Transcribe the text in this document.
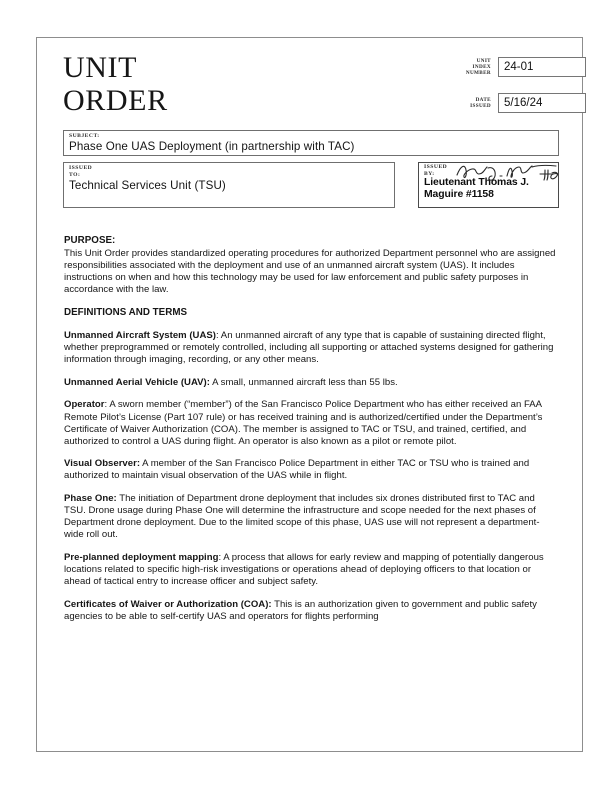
UNIT
ORDER
UNIT
INDEX
NUMBER
24-01
DATE
ISSUED	5/16/24
SUBJECT:
Phase One UAS Deployment (in partnership with TAC)
ISSUED
TO:
Technical Services Unit (TSU)
ISSUED
BY:
Lieutenant Thomas J.
Maguire #1158
PURPOSE:

This Unit Order provides standardized operating procedures for authorized Department personnel who are assigned responsibilities associated with the deployment and use of an unmanned aircraft system (UAS). It includes instructions on when and how this technology may be used for law enforcement and public safety purposes in accordance with the law.

DEFINITIONS AND TERMS

Unmanned Aircraft System (UAS): An unmanned aircraft of any type that is capable of sustaining directed flight, whether preprogrammed or remotely controlled, including all supporting or attached systems designed for gathering information through imaging, recording, or any other means.

Unmanned Aerial Vehicle (UAV): A small, unmanned aircraft less than 55 lbs.

Operator: A sworn member (“member”) of the San Francisco Police Department who has either received an FAA Remote Pilot’s License (Part 107 rule) or has received training and is authorized/certified under the Department’s Certificate of Waiver Authorization (COA). The member is assigned to TAC or TSU, and trained, certified, and authorized to control a UAS during flight. An operator is also known as a pilot or remote pilot.

Visual Observer: A member of the San Francisco Police Department in either TAC or TSU who is trained and authorized to maintain visual observation of the UAS while in flight.

Phase One: The initiation of Department drone deployment that includes six drones distributed first to TAC and TSU. Drone usage during Phase One will determine the infrastructure and scope needed for the next phases of Department drone deployment. Due to the limited scope of this phase, UAS use will not represent a department-wide roll out.

Pre-planned deployment mapping: A process that allows for early review and mapping of potentially dangerous locations related to specific high-risk investigations or operations ahead of deploying officers to that location or ahead of tactical entry to increase officer and subject safety.

Certificates of Waiver or Authorization (COA): This is an authorization given to government and public safety agencies to be able to self-certify UAS and operators for flights performing
